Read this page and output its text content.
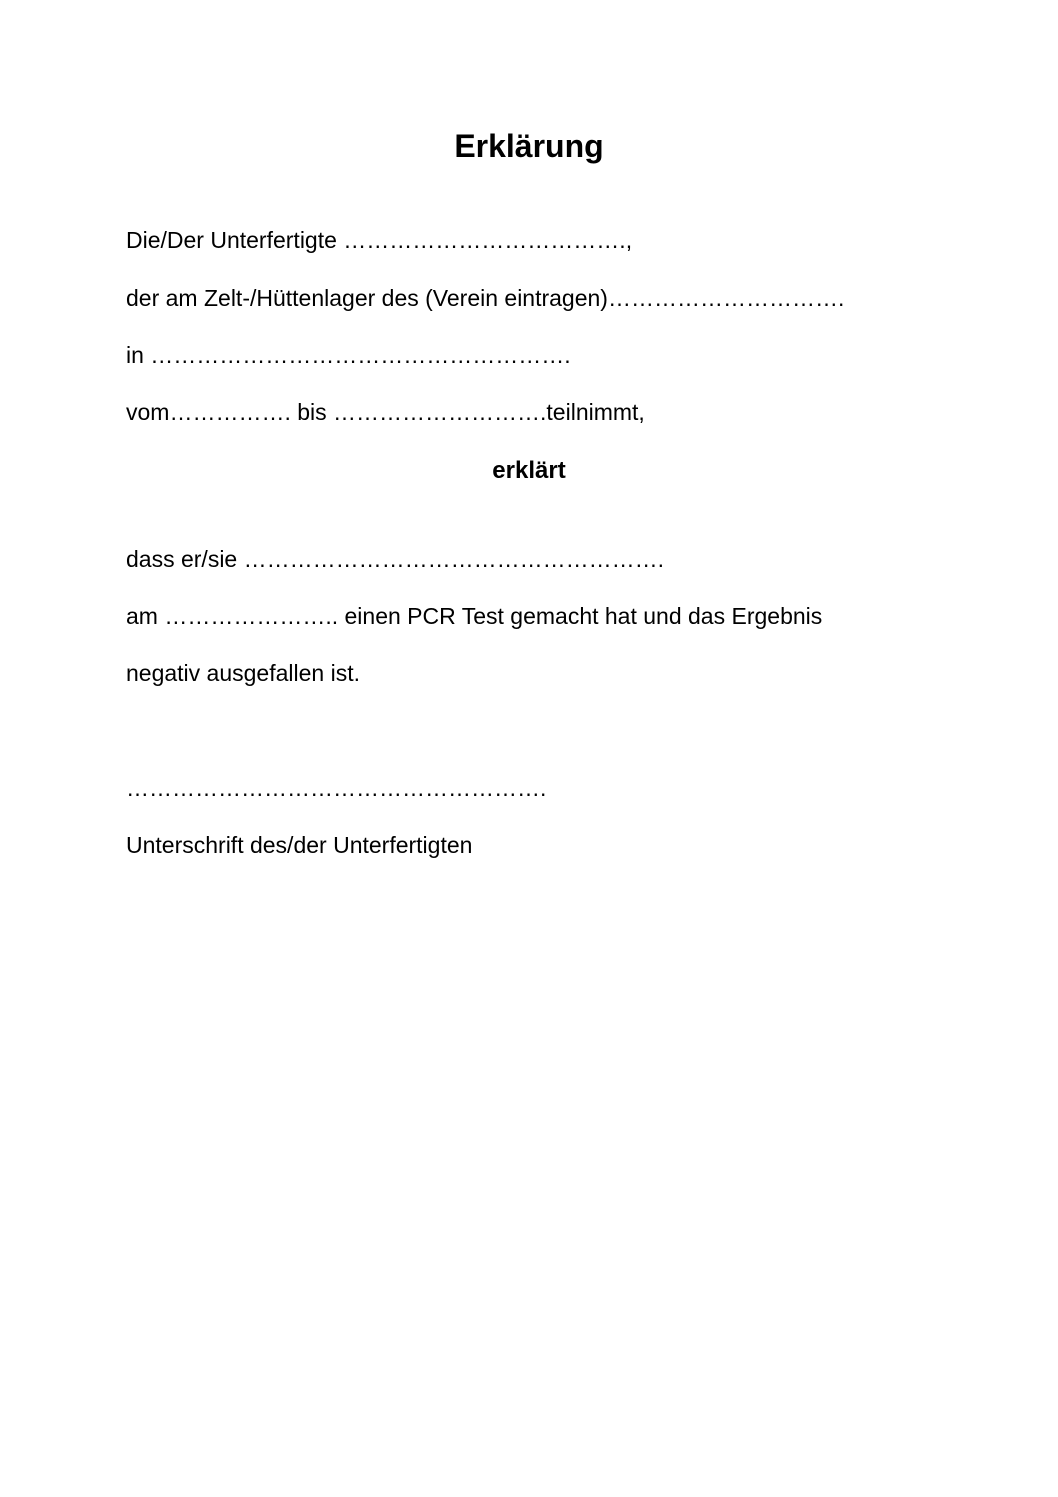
Erklärung

Die/Der Unterfertigte ……………………………….,

der am Zelt-/Hüttenlager des (Verein eintragen)………………………….

in ……………………………………………….

vom……………. bis ……………………….teilnimmt,

erklärt

dass er/sie ……………………………………………….

am ………………….. einen PCR Test gemacht hat und das Ergebnis

negativ ausgefallen ist.

……………………………………………….

Unterschrift des/der Unterfertigten
